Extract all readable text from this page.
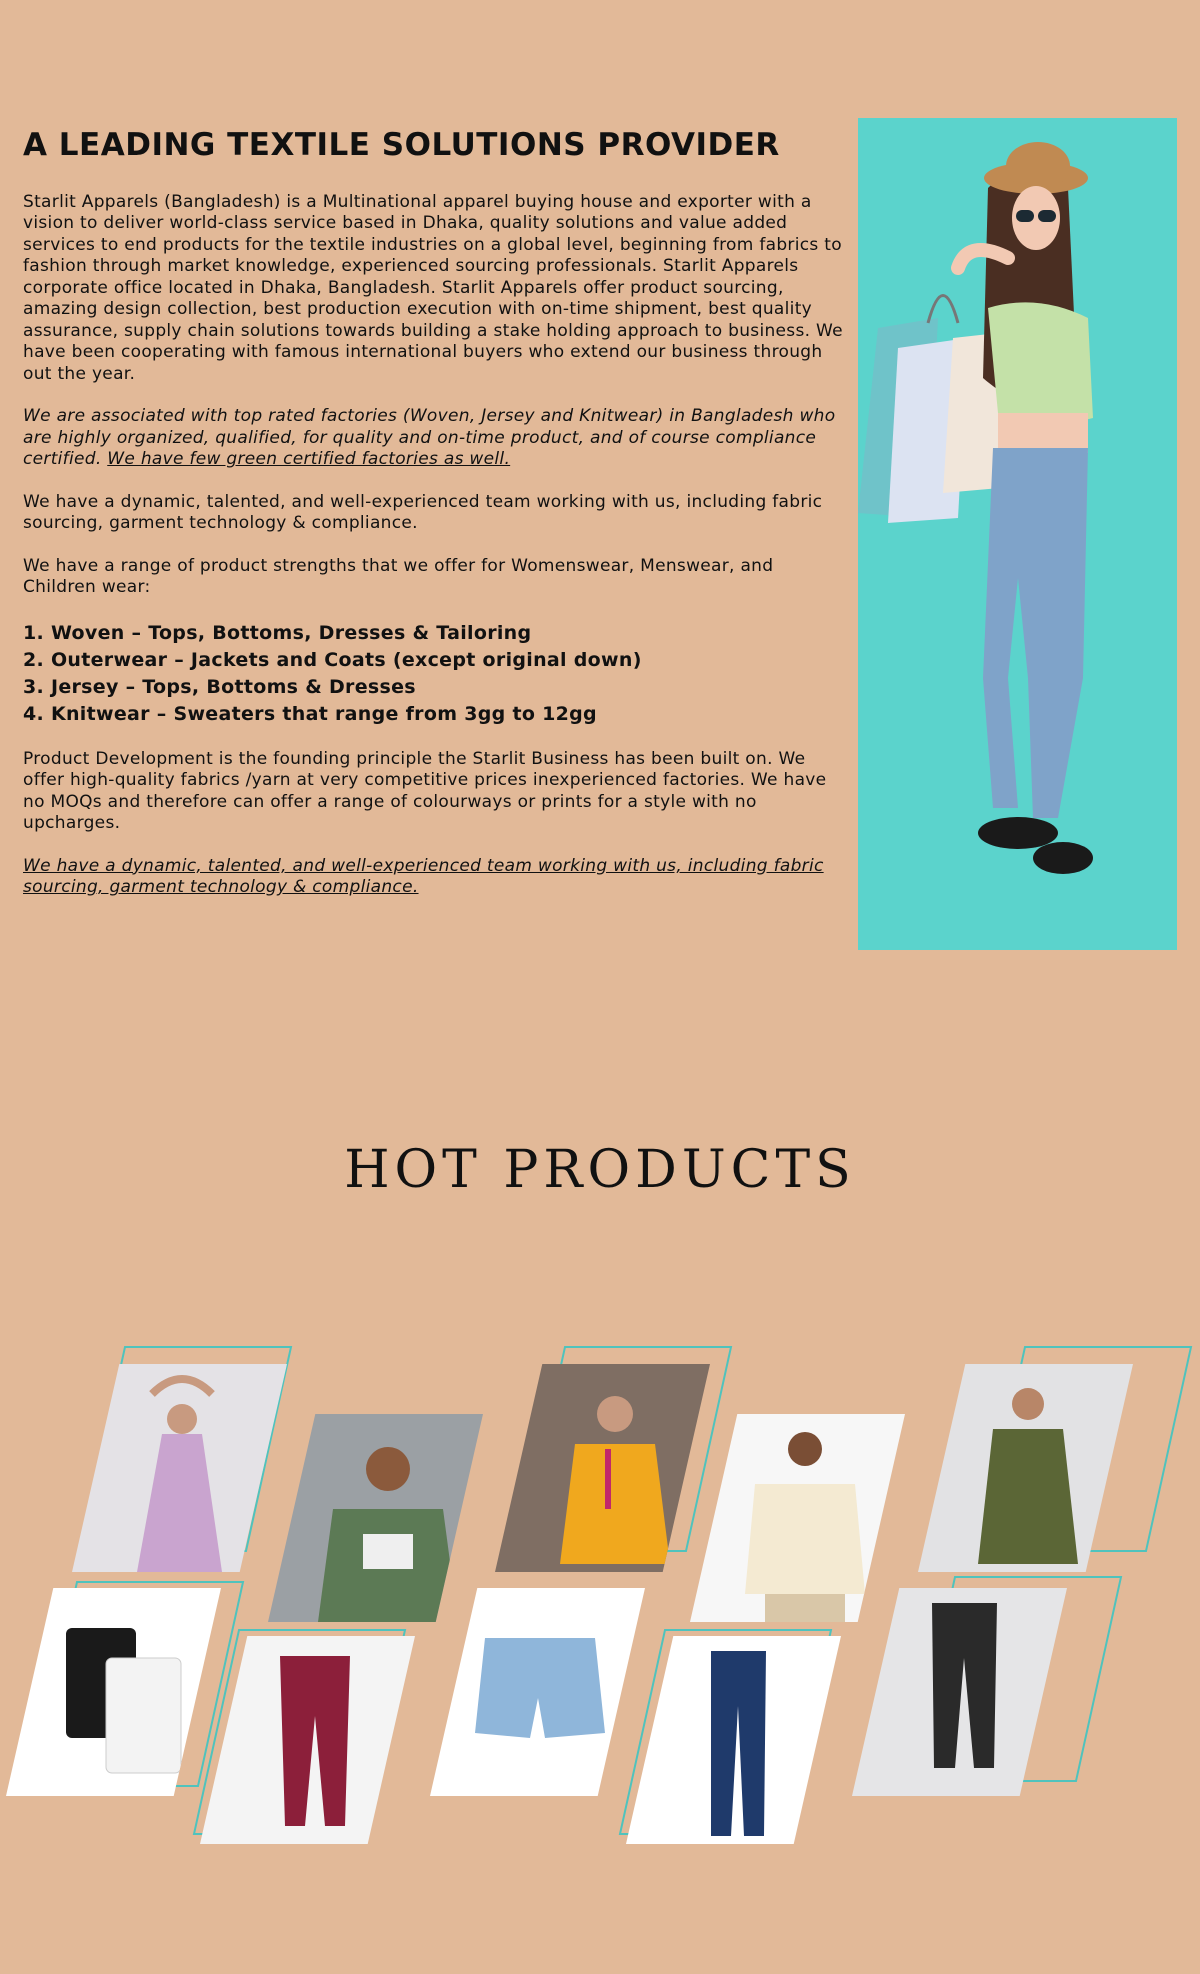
A LEADING TEXTILE SOLUTIONS PROVIDER

Starlit Apparels (Bangladesh) is a Multinational apparel buying house and exporter with a vision to deliver world-class service based in Dhaka, quality solutions and value added services to end products for the textile industries on a global level, beginning from fabrics to fashion through market knowledge, experienced sourcing professionals. Starlit Apparels corporate office located in Dhaka, Bangladesh. Starlit Apparels offer product sourcing, amazing design collection, best production execution with on-time shipment, best quality assurance, supply chain solutions towards building a stake holding approach to business. We have been cooperating with famous international buyers who extend our business through out the year.

We are associated with top rated factories (Woven, Jersey and Knitwear) in Bangladesh who are highly organized, qualified, for quality and on-time product, and of course compliance certified. We have few green certified factories as well.

We have a dynamic, talented, and well-experienced team working with us, including fabric sourcing, garment technology & compliance.

We have a range of product strengths that we offer for Womenswear, Menswear, and Children wear:

1. Woven – Tops, Bottoms, Dresses & Tailoring
2. Outerwear – Jackets and Coats (except original down)
3. Jersey – Tops, Bottoms & Dresses
4. Knitwear – Sweaters that range from 3gg to 12gg

Product Development is the founding principle the Starlit Business has been built on. We offer high-quality fabrics /yarn at very competitive prices inexperienced factories. We have no MOQs and therefore can offer a range of colourways or prints for a style with no upcharges.

We have a dynamic, talented, and well-experienced team working with us, including fabric sourcing, garment technology & compliance.

HOT PRODUCTS
